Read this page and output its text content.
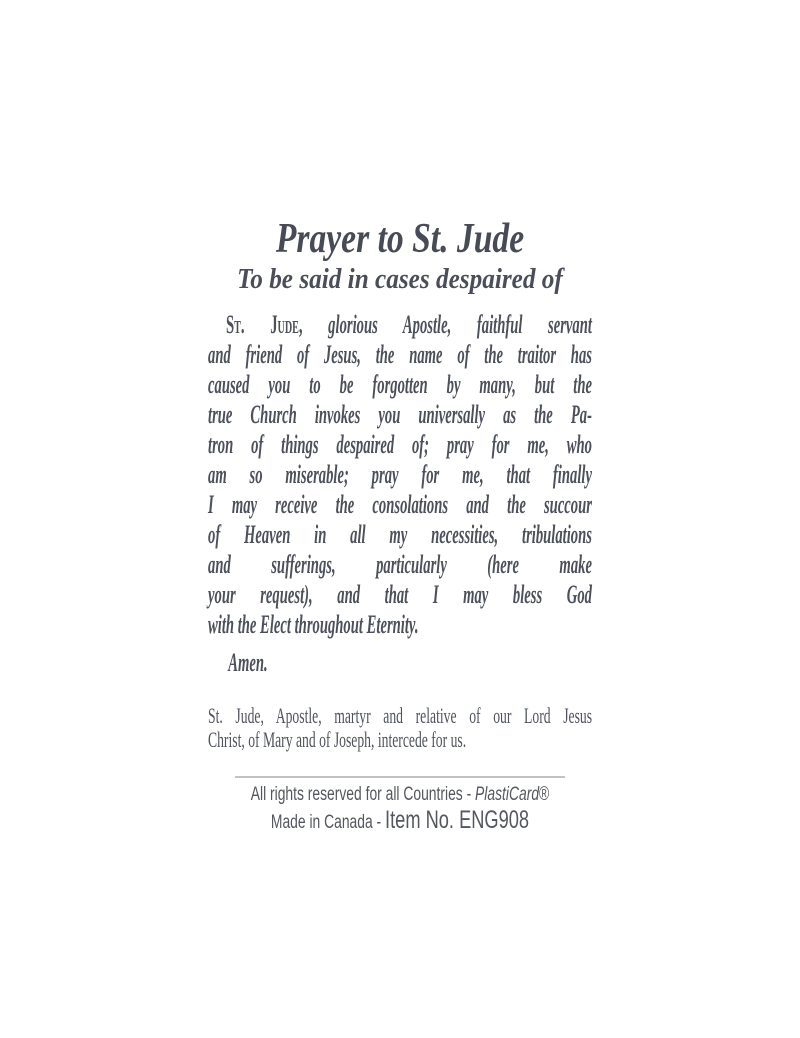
Prayer to St. Jude
To be said in cases despaired of
St. Jude, glorious Apostle, faithful servant
and friend of Jesus, the name of the traitor has
caused you to be forgotten by many, but the
true Church invokes you universally as the Pa-
tron of things despaired of; pray for me, who
am so miserable; pray for me, that finally
I may receive the consolations and the succour
of Heaven in all my necessities, tribulations
and sufferings, particularly (here make
your request), and that I may bless God
with the Elect throughout Eternity.
Amen.
St. Jude, Apostle, martyr and relative of our Lord Jesus
Christ, of Mary and of Joseph, intercede for us.
All rights reserved for all Countries - PlastiCard®
Made in Canada - Item No. ENG908
